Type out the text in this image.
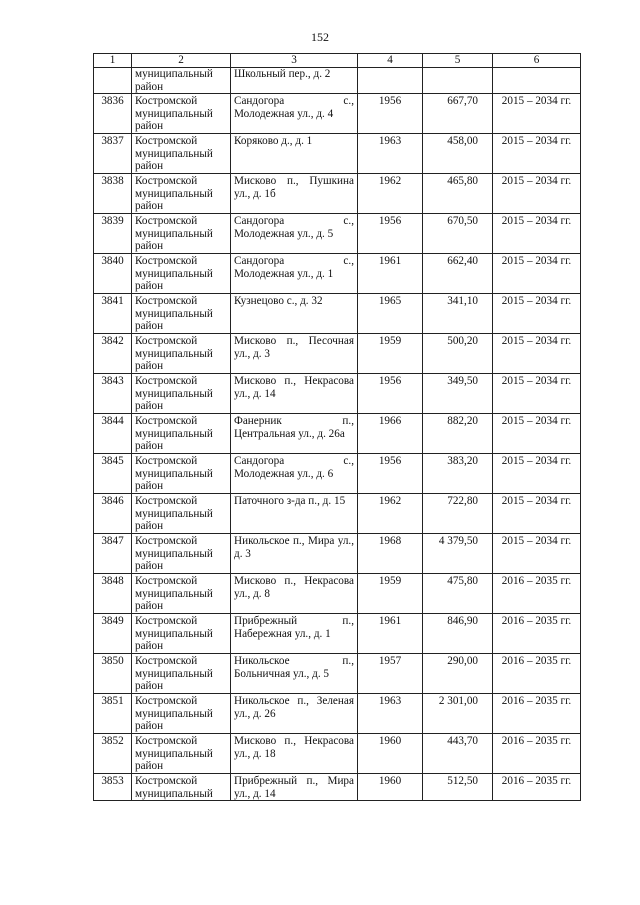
152
1	2	3	4	5	6
	муниципальный район	Школьный пер., д. 2			
3836	Костромской муниципальный район	Сандогора с., Молодежная ул., д. 4	1956	667,70	2015 – 2034 гг.
3837	Костромской муниципальный район	Коряково д., д. 1	1963	458,00	2015 – 2034 гг.
3838	Костромской муниципальный район	Мисково п., Пушкина ул., д. 1б	1962	465,80	2015 – 2034 гг.
3839	Костромской муниципальный район	Сандогора с., Молодежная ул., д. 5	1956	670,50	2015 – 2034 гг.
3840	Костромской муниципальный район	Сандогора с., Молодежная ул., д. 1	1961	662,40	2015 – 2034 гг.
3841	Костромской муниципальный район	Кузнецово с., д. 32	1965	341,10	2015 – 2034 гг.
3842	Костромской муниципальный район	Мисково п., Песочная ул., д. 3	1959	500,20	2015 – 2034 гг.
3843	Костромской муниципальный район	Мисково п., Некрасова ул., д. 14	1956	349,50	2015 – 2034 гг.
3844	Костромской муниципальный район	Фанерник п., Центральная ул., д. 26а	1966	882,20	2015 – 2034 гг.
3845	Костромской муниципальный район	Сандогора с., Молодежная ул., д. 6	1956	383,20	2015 – 2034 гг.
3846	Костромской муниципальный район	Паточного з-да п., д. 15	1962	722,80	2015 – 2034 гг.
3847	Костромской муниципальный район	Никольское п., Мира ул., д. 3	1968	4 379,50	2015 – 2034 гг.
3848	Костромской муниципальный район	Мисково п., Некрасова ул., д. 8	1959	475,80	2016 – 2035 гг.
3849	Костромской муниципальный район	Прибрежный п., Набережная ул., д. 1	1961	846,90	2016 – 2035 гг.
3850	Костромской муниципальный район	Никольское п., Больничная ул., д. 5	1957	290,00	2016 – 2035 гг.
3851	Костромской муниципальный район	Никольское п., Зеленая ул., д. 26	1963	2 301,00	2016 – 2035 гг.
3852	Костромской муниципальный район	Мисково п., Некрасова ул., д. 18	1960	443,70	2016 – 2035 гг.
3853	Костромской муниципальный	Прибрежный п., Мира ул., д. 14	1960	512,50	2016 – 2035 гг.
